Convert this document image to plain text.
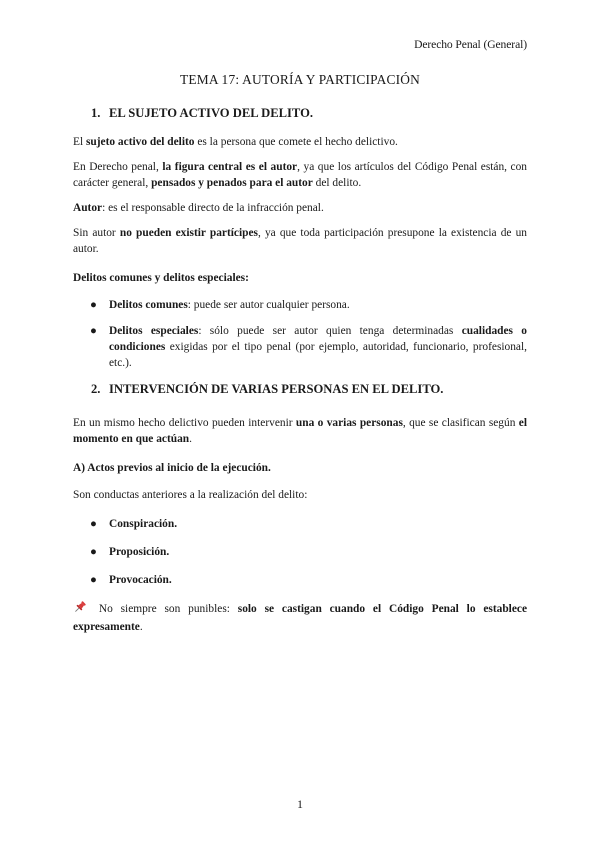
Derecho Penal (General)
TEMA 17: AUTORÍA Y PARTICIPACIÓN
1. EL SUJETO ACTIVO DEL DELITO.

El sujeto activo del delito es la persona que comete el hecho delictivo.

En Derecho penal, la figura central es el autor, ya que los artículos del Código Penal están, con carácter general, pensados y penados para el autor del delito.

Autor: es el responsable directo de la infracción penal.

Sin autor no pueden existir partícipes, ya que toda participación presupone la existencia de un autor.

Delitos comunes y delitos especiales:
● Delitos comunes: puede ser autor cualquier persona.
● Delitos especiales: sólo puede ser autor quien tenga determinadas cualidades o condiciones exigidas por el tipo penal (por ejemplo, autoridad, funcionario, profesional, etc.).
2. INTERVENCIÓN DE VARIAS PERSONAS EN EL DELITO.

En un mismo hecho delictivo pueden intervenir una o varias personas, que se clasifican según el momento en que actúan.

A) Actos previos al inicio de la ejecución.

Son conductas anteriores a la realización del delito:

● Conspiración.
● Proposición.
● Provocación.

No siempre son punibles: solo se castigan cuando el Código Penal lo establece expresamente.

1
